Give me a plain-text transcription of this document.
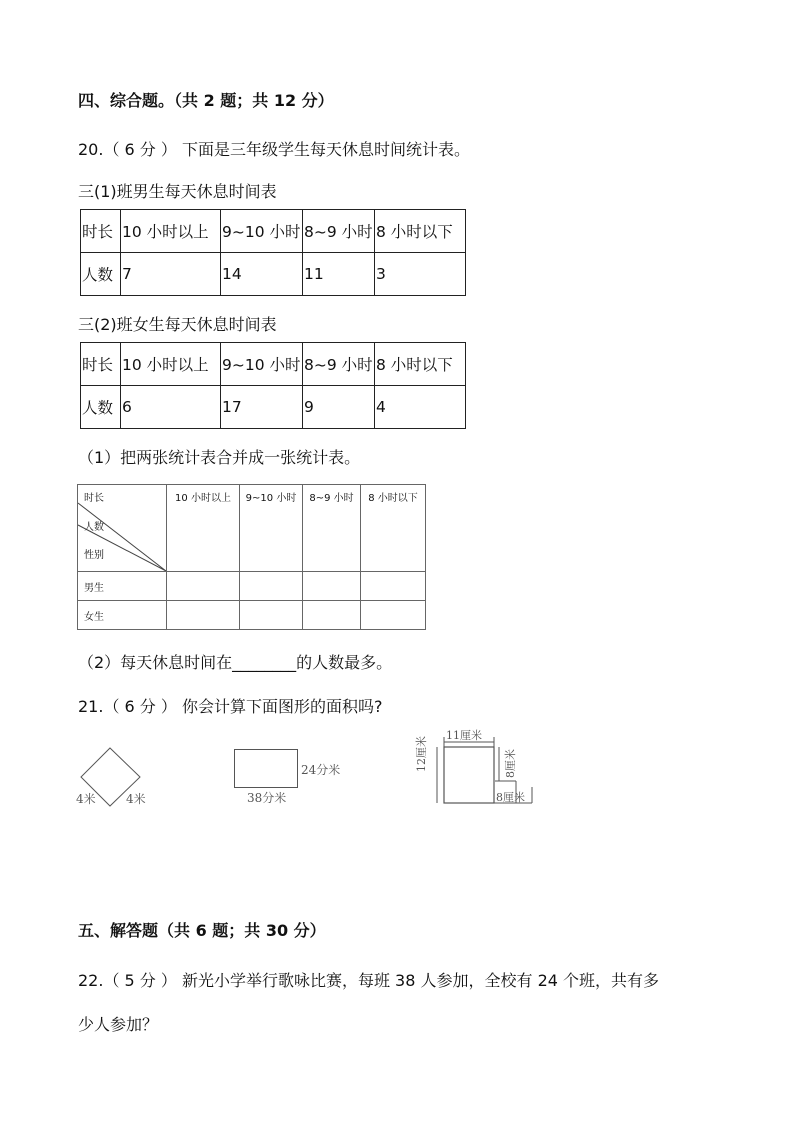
四、综合题。（共 2 题；共 12 分）
20.（ 6 分 ） 下面是三年级学生每天休息时间统计表。
三(1)班男生每天休息时间表
时长	10 小时以上	9~10 小时	8~9 小时	8 小时以下
人数	7	14	11	3
三(2)班女生每天休息时间表
时长	10 小时以上	9~10 小时	8~9 小时	8 小时以下
人数	6	17	9	4
（1）把两张统计表合并成一张统计表。
时长
人数
性别	10 小时以上	9~10 小时	8~9 小时	8 小时以下
男生				
女生				
（2）每天休息时间在________的人数最多。
21.（ 6 分 ） 你会计算下面图形的面积吗?
4米	4米
24分米
38分米
11厘米
12厘米	8厘米
8厘米
五、解答题（共 6 题；共 30 分）
22.（ 5 分 ） 新光小学举行歌咏比赛，每班 38 人参加，全校有 24 个班，共有多
少人参加？
